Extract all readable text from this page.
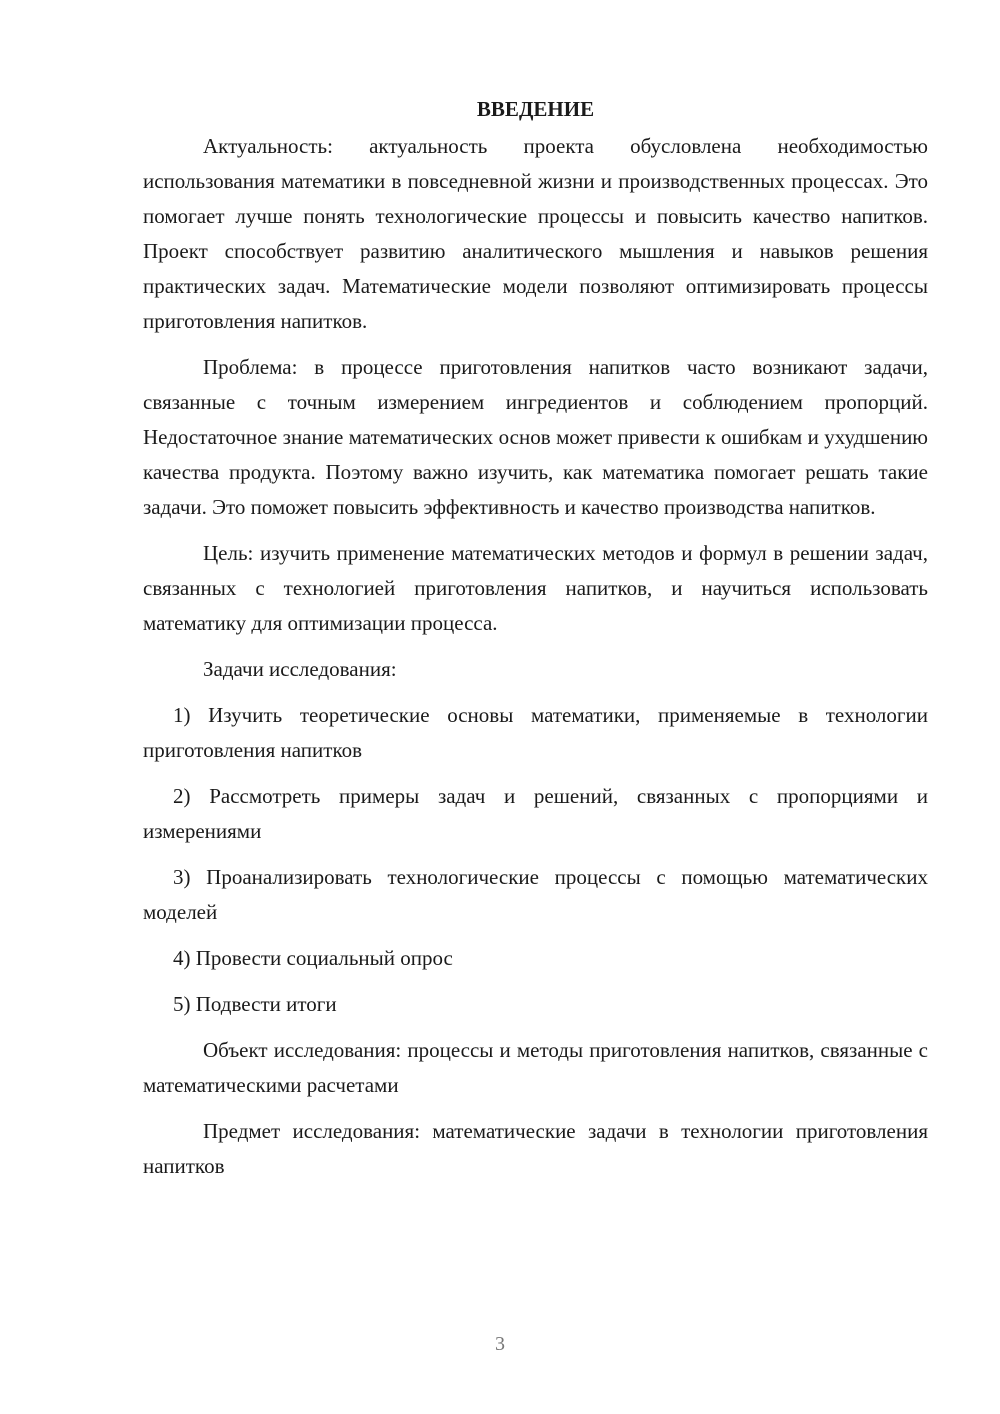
ВВЕДЕНИЕ

Актуальность: актуальность проекта обусловлена необходимостью использования математики в повседневной жизни и производственных процессах. Это помогает лучше понять технологические процессы и повысить качество напитков. Проект способствует развитию аналитического мышления и навыков решения практических задач. Математические модели позволяют оптимизировать процессы приготовления напитков.

Проблема: в процессе приготовления напитков часто возникают задачи, связанные с точным измерением ингредиентов и соблюдением пропорций. Недостаточное знание математических основ может привести к ошибкам и ухудшению качества продукта. Поэтому важно изучить, как математика помогает решать такие задачи. Это поможет повысить эффективность и качество производства напитков.

Цель: изучить применение математических методов и формул в решении задач, связанных с технологией приготовления напитков, и научиться использовать математику для оптимизации процесса.

Задачи исследования:

1) Изучить теоретические основы математики, применяемые в технологии приготовления напитков

2) Рассмотреть примеры задач и решений, связанных с пропорциями и измерениями

3) Проанализировать технологические процессы с помощью математических моделей

4) Провести социальный опрос

5) Подвести итоги

Объект исследования: процессы и методы приготовления напитков, связанные с математическими расчетами

Предмет исследования: математические задачи в технологии приготовления напитков

3
